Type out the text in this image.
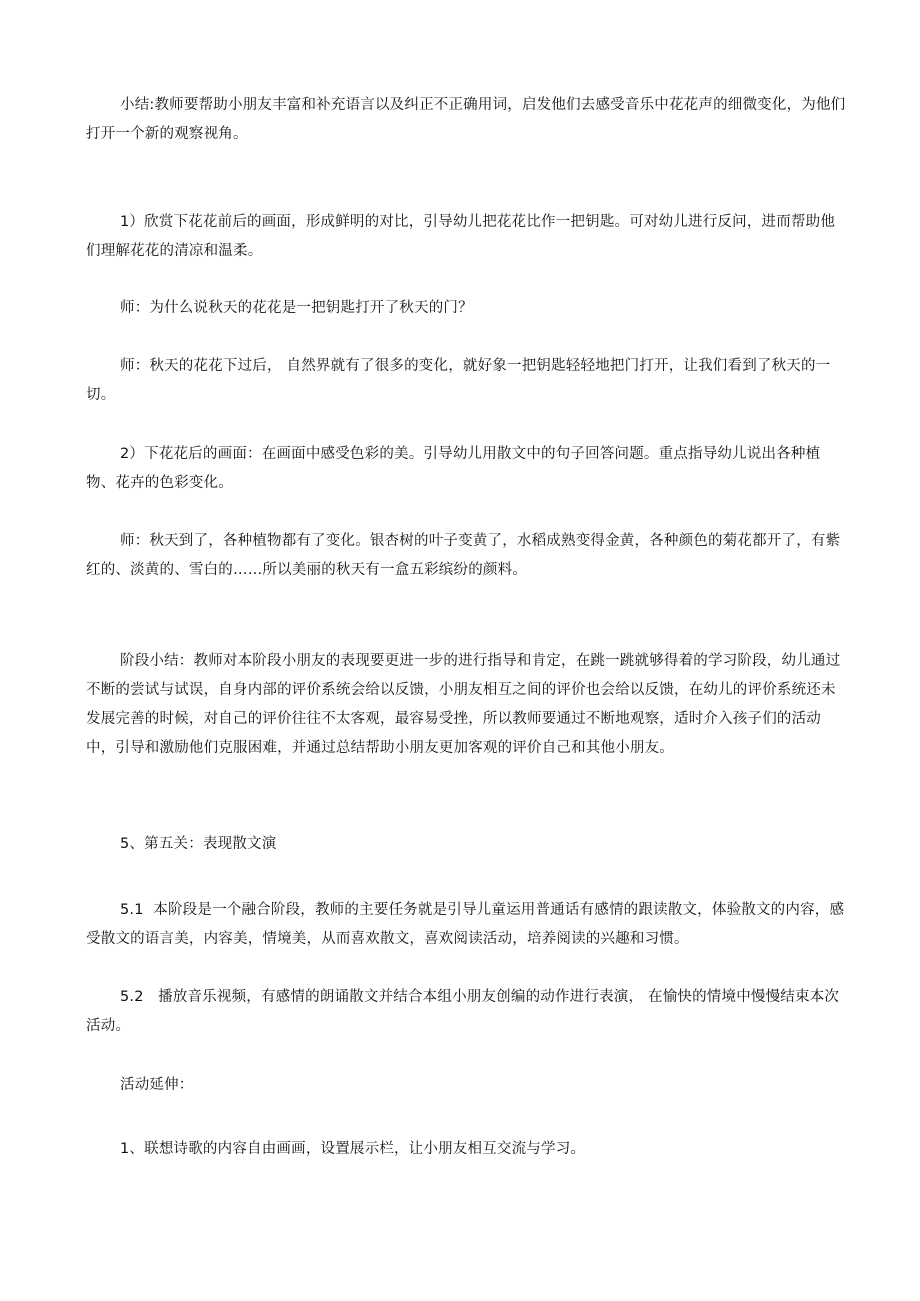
小结:教师要帮助小朋友丰富和补充语言以及纠正不正确用词，启发他们去感受音乐中花花声的细微变化，为他们打开一个新的观察视角。

1）欣赏下花花前后的画面，形成鲜明的对比，引导幼儿把花花比作一把钥匙。可对幼儿进行反问，进而帮助他们理解花花的清凉和温柔。

师：为什么说秋天的花花是一把钥匙打开了秋天的门？

师：秋天的花花下过后， 自然界就有了很多的变化，就好象一把钥匙轻轻地把门打开，让我们看到了秋天的一切。

2）下花花后的画面：在画面中感受色彩的美。引导幼儿用散文中的句子回答问题。重点指导幼儿说出各种植物、花卉的色彩变化。

师：秋天到了，各种植物都有了变化。银杏树的叶子变黄了，水稻成熟变得金黄，各种颜色的菊花都开了，有紫红的、淡黄的、雪白的……所以美丽的秋天有一盒五彩缤纷的颜料。

阶段小结：教师对本阶段小朋友的表现要更进一步的进行指导和肯定，在跳一跳就够得着的学习阶段，幼儿通过不断的尝试与试误，自身内部的评价系统会给以反馈，小朋友相互之间的评价也会给以反馈，在幼儿的评价系统还未发展完善的时候，对自己的评价往往不太客观，最容易受挫，所以教师要通过不断地观察，适时介入孩子们的活动中，引导和激励他们克服困难，并通过总结帮助小朋友更加客观的评价自己和其他小朋友。

5、第五关：表现散文演

5.1  本阶段是一个融合阶段，教师的主要任务就是引导儿童运用普通话有感情的跟读散文，体验散文的内容，感受散文的语言美，内容美，情境美，从而喜欢散文，喜欢阅读活动，培养阅读的兴趣和习惯。

5.2   播放音乐视频，有感情的朗诵散文并结合本组小朋友创编的动作进行表演， 在愉快的情境中慢慢结束本次活动。

活动延伸：

1、联想诗歌的内容自由画画，设置展示栏，让小朋友相互交流与学习。
